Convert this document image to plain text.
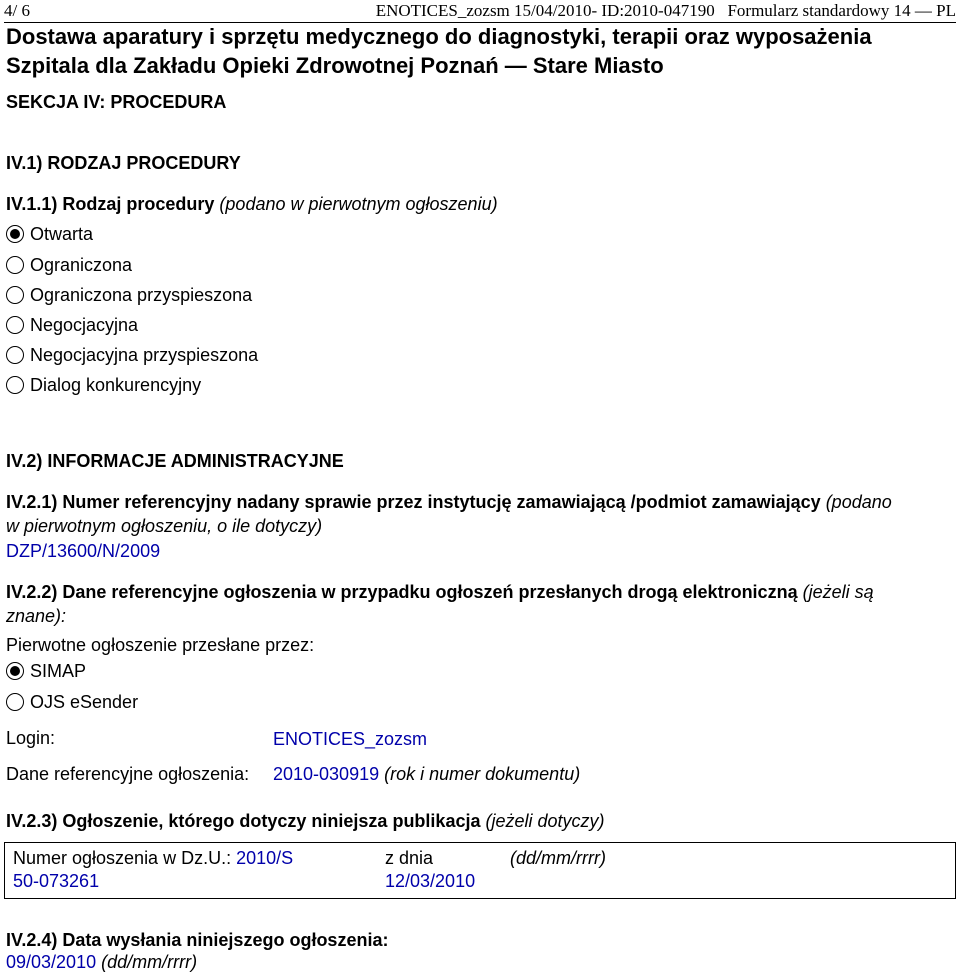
4/ 6	ENOTICES_zozsm 15/04/2010- ID:2010-047190 Formularz standardowy 14 — PL
Dostawa aparatury i sprzętu medycznego do diagnostyki, terapii oraz wyposażenia
Szpitala dla Zakładu Opieki Zdrowotnej Poznań — Stare Miasto
SEKCJA IV: PROCEDURA
IV.1) RODZAJ PROCEDURY
IV.1.1) Rodzaj procedury (podano w pierwotnym ogłoszeniu)
Otwarta
Ograniczona
Ograniczona przyspieszona
Negocjacyjna
Negocjacyjna przyspieszona
Dialog konkurencyjny
IV.2) INFORMACJE ADMINISTRACYJNE
IV.2.1) Numer referencyjny nadany sprawie przez instytucję zamawiającą /podmiot zamawiający (podano
w pierwotnym ogłoszeniu, o ile dotyczy)
DZP/13600/N/2009
IV.2.2) Dane referencyjne ogłoszenia w przypadku ogłoszeń przesłanych drogą elektroniczną (jeżeli są
znane):
Pierwotne ogłoszenie przesłane przez:
SIMAP
OJS eSender
Login:	ENOTICES_zozsm
Dane referencyjne ogłoszenia: 2010-030919 (rok i numer dokumentu)
IV.2.3) Ogłoszenie, którego dotyczy niniejsza publikacja (jeżeli dotyczy)
Numer ogłoszenia w Dz.U.: 2010/S
50-073261
z dnia
12/03/2010
(dd/mm/rrrr)
IV.2.4) Data wysłania niniejszego ogłoszenia:
09/03/2010 (dd/mm/rrrr)
